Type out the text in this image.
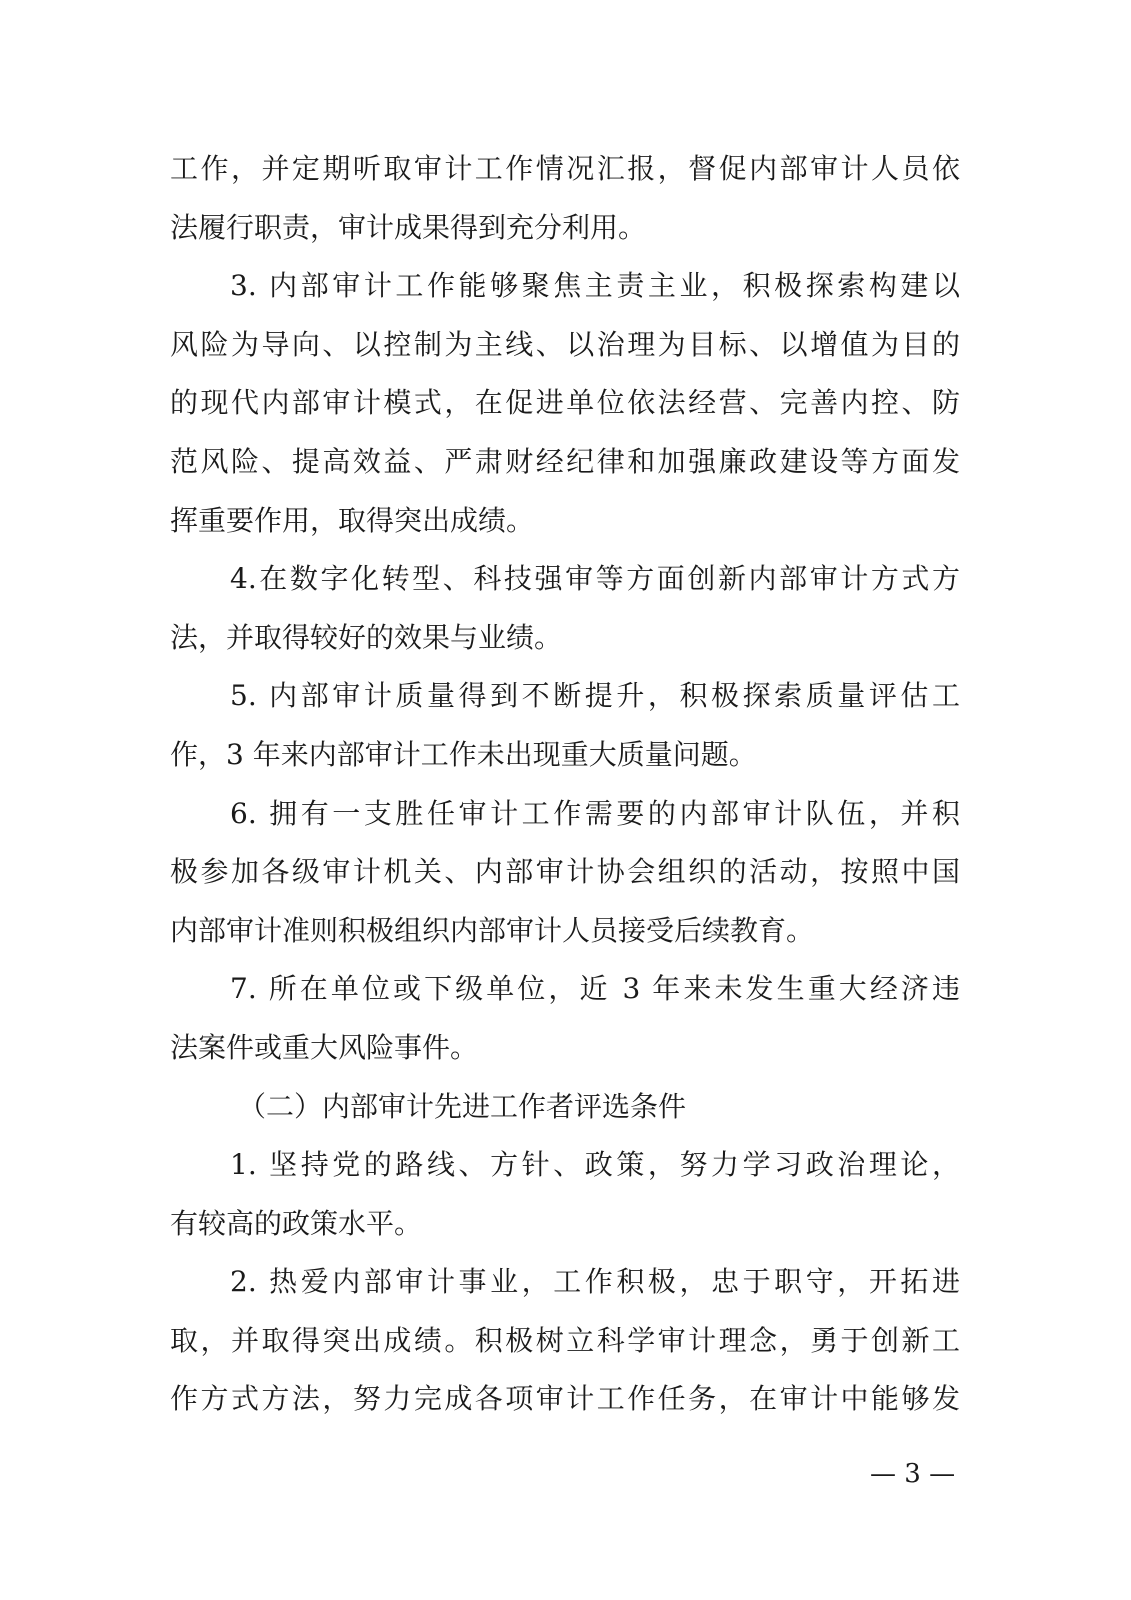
工作，并定期听取审计工作情况汇报，督促内部审计人员依
法履行职责，审计成果得到充分利用。
3. 内部审计工作能够聚焦主责主业，积极探索构建以
风险为导向、以控制为主线、以治理为目标、以增值为目的
的现代内部审计模式，在促进单位依法经营、完善内控、防
范风险、提高效益、严肃财经纪律和加强廉政建设等方面发
挥重要作用，取得突出成绩。
4.在数字化转型、科技强审等方面创新内部审计方式方
法，并取得较好的效果与业绩。
5. 内部审计质量得到不断提升，积极探索质量评估工
作，3 年来内部审计工作未出现重大质量问题。
6. 拥有一支胜任审计工作需要的内部审计队伍，并积
极参加各级审计机关、内部审计协会组织的活动，按照中国
内部审计准则积极组织内部审计人员接受后续教育。
7. 所在单位或下级单位，近 3 年来未发生重大经济违
法案件或重大风险事件。
（二）内部审计先进工作者评选条件
1. 坚持党的路线、方针、政策，努力学习政治理论，
有较高的政策水平。
2. 热爱内部审计事业，工作积极，忠于职守，开拓进
取，并取得突出成绩。积极树立科学审计理念，勇于创新工
作方式方法，努力完成各项审计工作任务，在审计中能够发
— 3 —
